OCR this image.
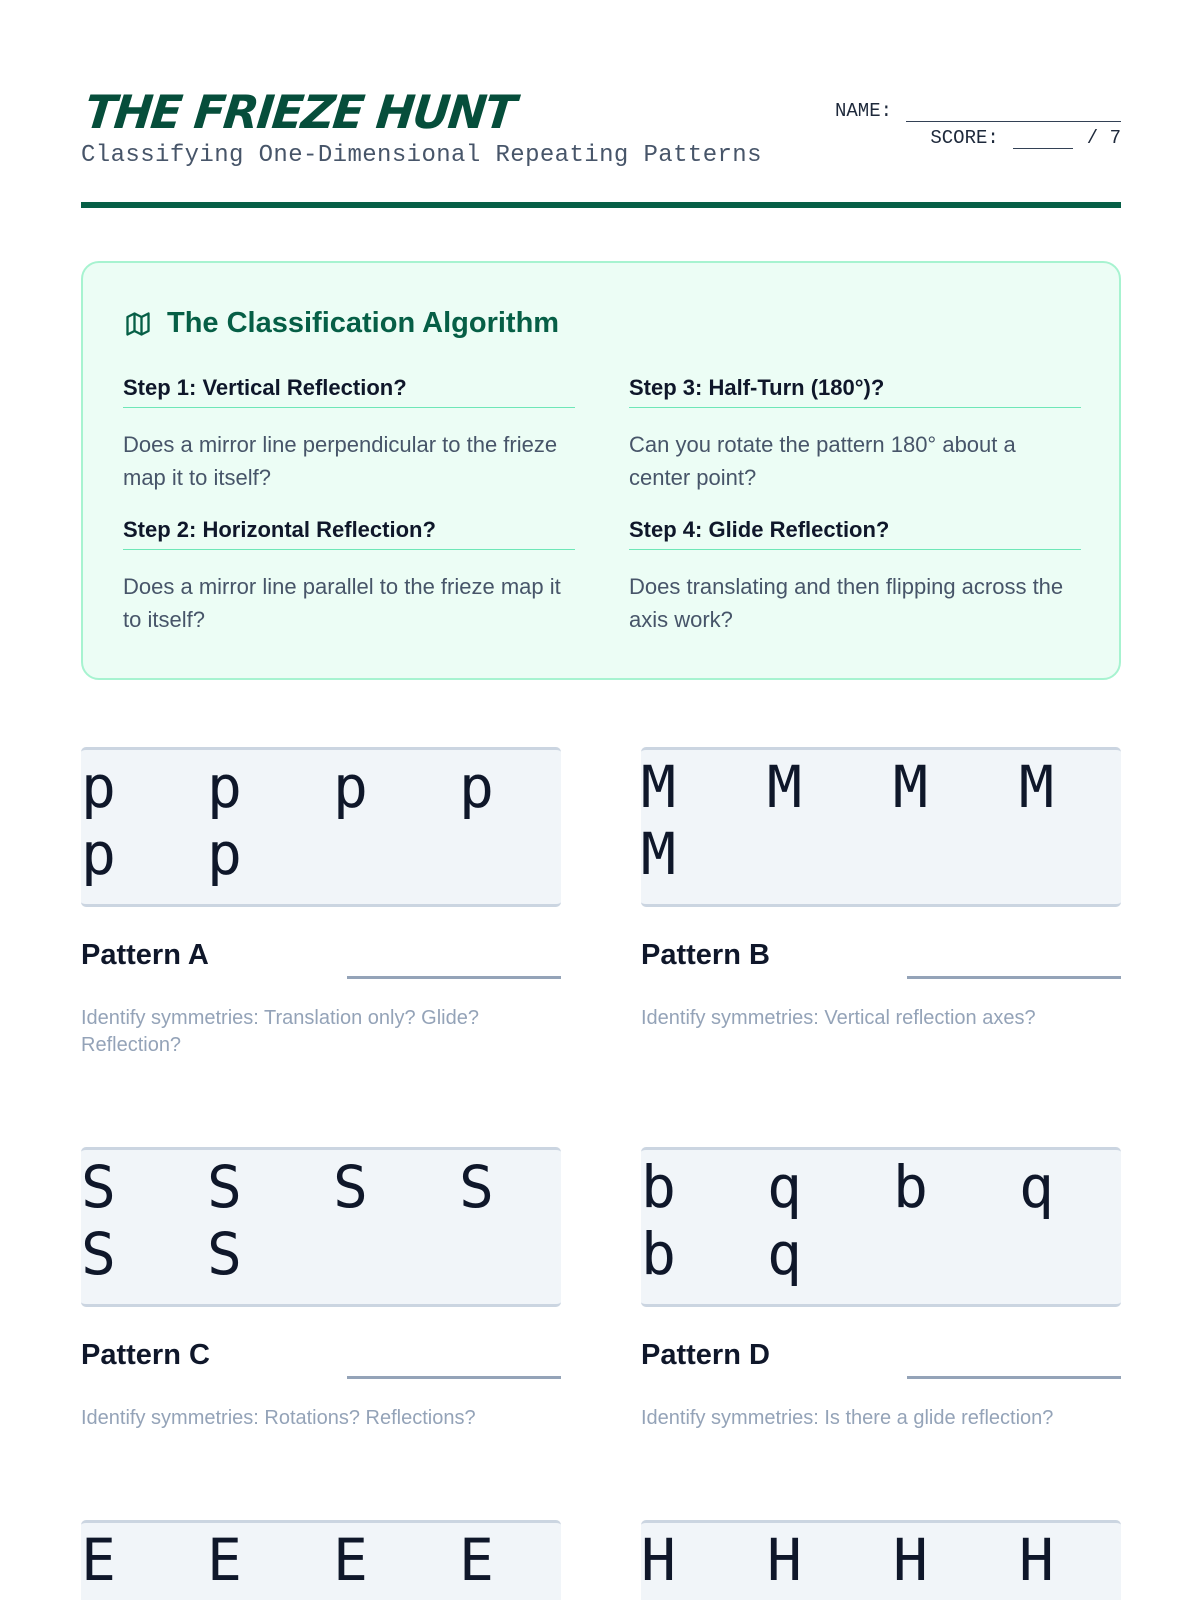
THE FRIEZE HUNT
Classifying One-Dimensional Repeating Patterns
NAME:
SCORE:	/ 7
The Classification Algorithm
Step 1: Vertical Reflection?
Does a mirror line perpendicular to the frieze map it to itself?
Step 2: Horizontal Reflection?
Does a mirror line parallel to the frieze map it to itself?
Step 3: Half-Turn (180°)?
Can you rotate the pattern 180° about a center point?
Step 4: Glide Reflection?
Does translating and then flipping across the axis work?
p p p p
p p
Pattern A
Identify symmetries: Translation only? Glide? Reflection?
M M M M
M
Pattern B
Identify symmetries: Vertical reflection axes?
S S S S
S S
Pattern C
Identify symmetries: Rotations? Reflections?
b q b q
b q
Pattern D
Identify symmetries: Is there a glide reflection?
E E E E	H H H H
